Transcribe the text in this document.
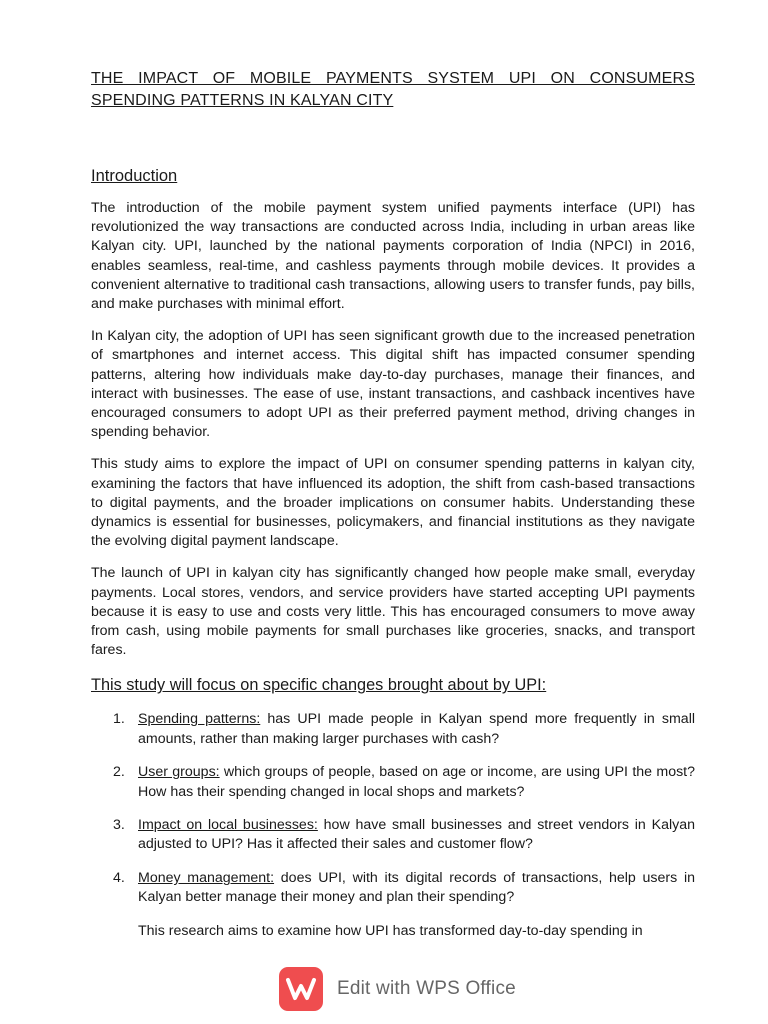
THE IMPACT OF MOBILE PAYMENTS SYSTEM UPI ON CONSUMERS SPENDING PATTERNS IN KALYAN CITY
Introduction

The introduction of the mobile payment system unified payments interface (UPI) has revolutionized the way transactions are conducted across India, including in urban areas like Kalyan city. UPI, launched by the national payments corporation of India (NPCI) in 2016, enables seamless, real-time, and cashless payments through mobile devices. It provides a convenient alternative to traditional cash transactions, allowing users to transfer funds, pay bills, and make purchases with minimal effort.

In Kalyan city, the adoption of UPI has seen significant growth due to the increased penetration of smartphones and internet access. This digital shift has impacted consumer spending patterns, altering how individuals make day-to-day purchases, manage their finances, and interact with businesses. The ease of use, instant transactions, and cashback incentives have encouraged consumers to adopt UPI as their preferred payment method, driving changes in spending behavior.

This study aims to explore the impact of UPI on consumer spending patterns in kalyan city, examining the factors that have influenced its adoption, the shift from cash-based transactions to digital payments, and the broader implications on consumer habits. Understanding these dynamics is essential for businesses, policymakers, and financial institutions as they navigate the evolving digital payment landscape.

The launch of UPI in kalyan city has significantly changed how people make small, everyday payments. Local stores, vendors, and service providers have started accepting UPI payments because it is easy to use and costs very little. This has encouraged consumers to move away from cash, using mobile payments for small purchases like groceries, snacks, and transport fares.

This study will focus on specific changes brought about by UPI:
1. Spending patterns: has UPI made people in Kalyan spend more frequently in small amounts, rather than making larger purchases with cash?
2. User groups: which groups of people, based on age or income, are using UPI the most? How has their spending changed in local shops and markets?
3. Impact on local businesses: how have small businesses and street vendors in Kalyan adjusted to UPI? Has it affected their sales and customer flow?
4. Money management: does UPI, with its digital records of transactions, help users in Kalyan better manage their money and plan their spending?

This research aims to examine how UPI has transformed day-to-day spending in

Edit with WPS Office
